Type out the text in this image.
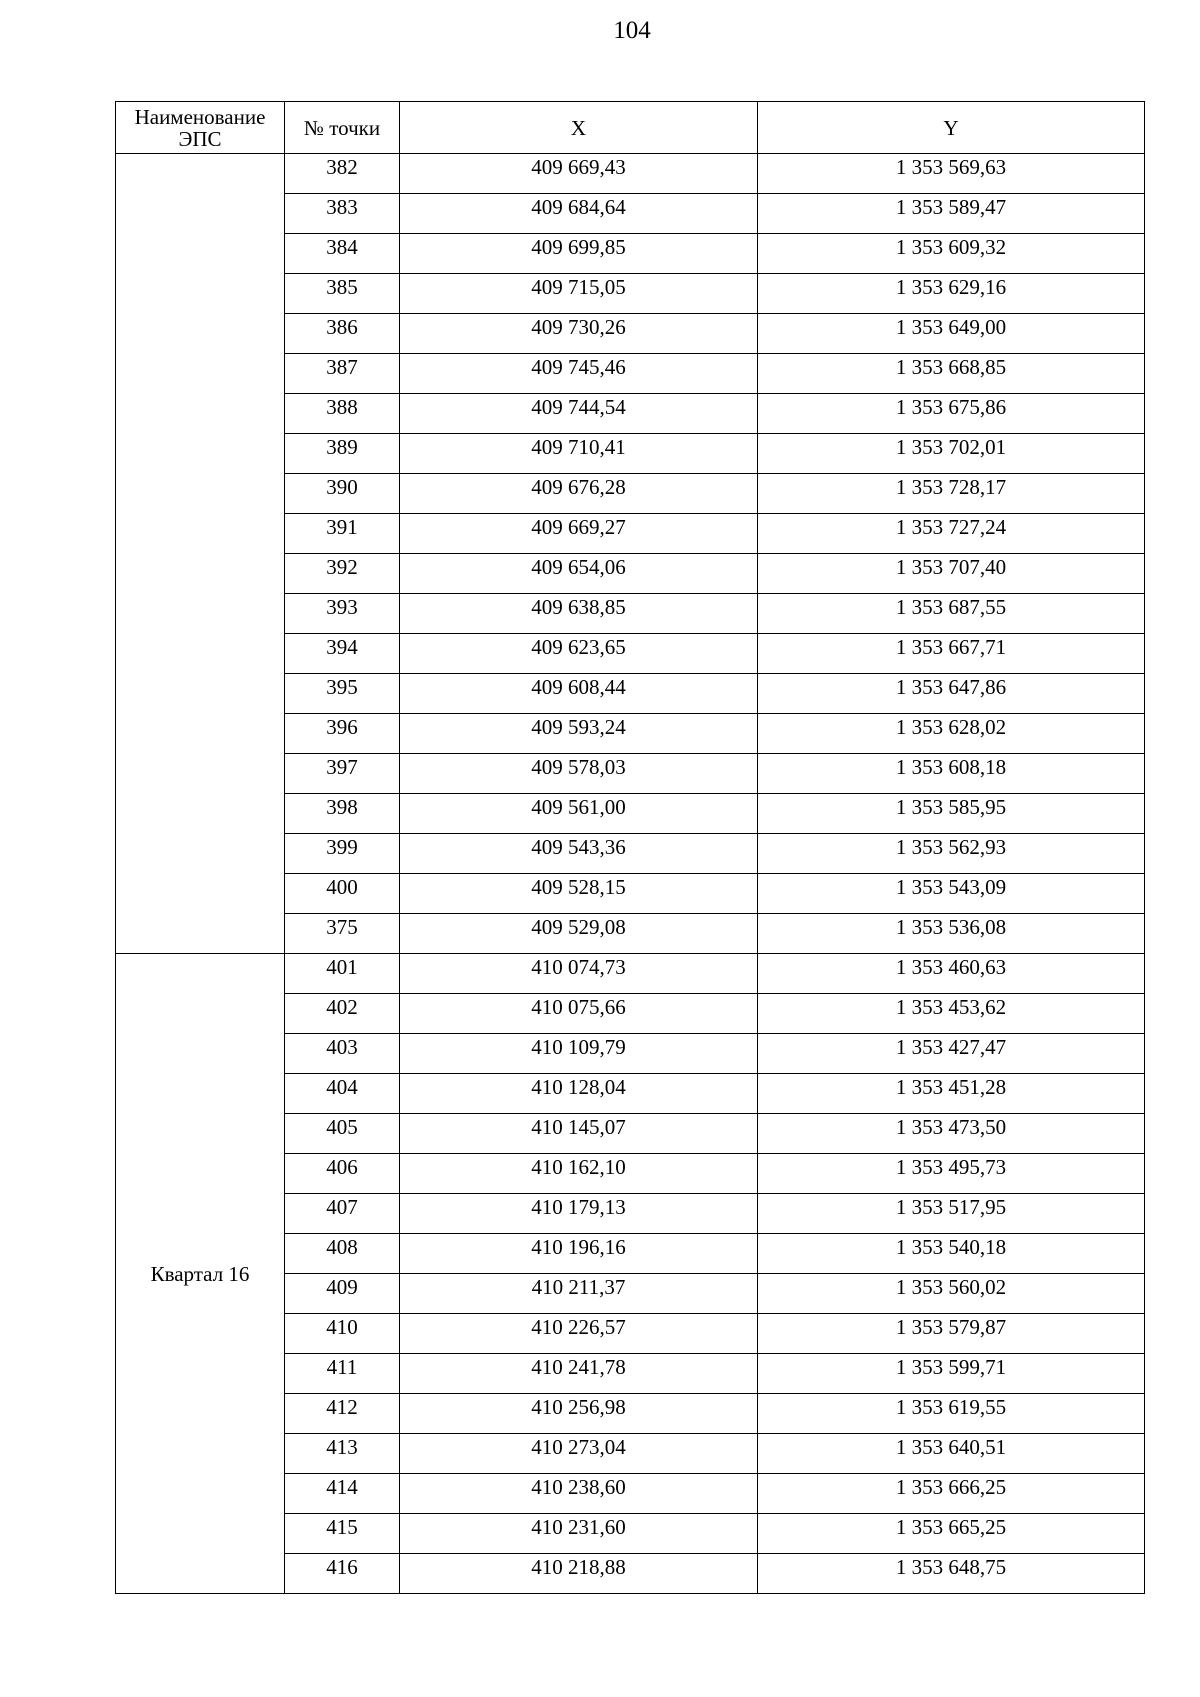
104
Наименование ЭПС	№ точки	X	Y
	382	409 669,43	1 353 569,63
	383	409 684,64	1 353 589,47
	384	409 699,85	1 353 609,32
	385	409 715,05	1 353 629,16
	386	409 730,26	1 353 649,00
	387	409 745,46	1 353 668,85
	388	409 744,54	1 353 675,86
	389	409 710,41	1 353 702,01
	390	409 676,28	1 353 728,17
	391	409 669,27	1 353 727,24
	392	409 654,06	1 353 707,40
	393	409 638,85	1 353 687,55
	394	409 623,65	1 353 667,71
	395	409 608,44	1 353 647,86
	396	409 593,24	1 353 628,02
	397	409 578,03	1 353 608,18
	398	409 561,00	1 353 585,95
	399	409 543,36	1 353 562,93
	400	409 528,15	1 353 543,09
	375	409 529,08	1 353 536,08
Квартал 16	401	410 074,73	1 353 460,63
	402	410 075,66	1 353 453,62
	403	410 109,79	1 353 427,47
	404	410 128,04	1 353 451,28
	405	410 145,07	1 353 473,50
	406	410 162,10	1 353 495,73
	407	410 179,13	1 353 517,95
	408	410 196,16	1 353 540,18
	409	410 211,37	1 353 560,02
	410	410 226,57	1 353 579,87
	411	410 241,78	1 353 599,71
	412	410 256,98	1 353 619,55
	413	410 273,04	1 353 640,51
	414	410 238,60	1 353 666,25
	415	410 231,60	1 353 665,25
	416	410 218,88	1 353 648,75
